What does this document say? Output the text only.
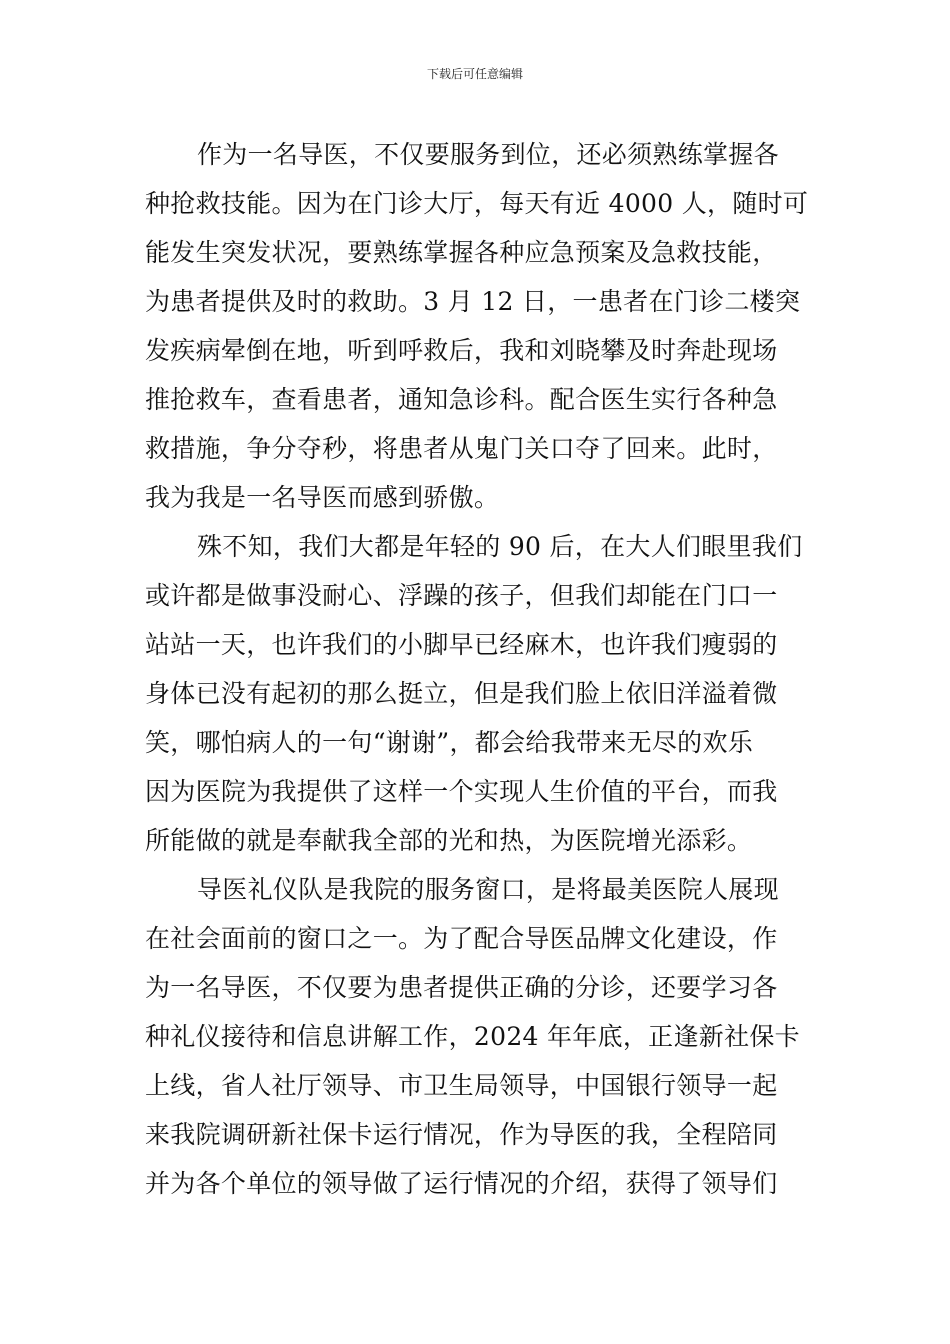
下载后可任意编辑
作为一名导医，不仅要服务到位，还必须熟练掌握各
种抢救技能。因为在门诊大厅，每天有近 4000 人，随时可
能发生突发状况，要熟练掌握各种应急预案及急救技能，
为患者提供及时的救助。3 月 12 日，一患者在门诊二楼突
发疾病晕倒在地，听到呼救后，我和刘晓攀及时奔赴现场
推抢救车，查看患者，通知急诊科。配合医生实行各种急
救措施，争分夺秒，将患者从鬼门关口夺了回来。此时，
我为我是一名导医而感到骄傲。
殊不知，我们大都是年轻的 90 后，在大人们眼里我们
或许都是做事没耐心、浮躁的孩子，但我们却能在门口一
站站一天，也许我们的小脚早已经麻木，也许我们瘦弱的
身体已没有起初的那么挺立，但是我们脸上依旧洋溢着微
笑，哪怕病人的一句“谢谢”，都会给我带来无尽的欢乐
因为医院为我提供了这样一个实现人生价值的平台，而我
所能做的就是奉献我全部的光和热，为医院增光添彩。
导医礼仪队是我院的服务窗口，是将最美医院人展现
在社会面前的窗口之一。为了配合导医品牌文化建设，作
为一名导医，不仅要为患者提供正确的分诊，还要学习各
种礼仪接待和信息讲解工作，2024 年年底，正逢新社保卡
上线，省人社厅领导、市卫生局领导，中国银行领导一起
来我院调研新社保卡运行情况，作为导医的我，全程陪同
并为各个单位的领导做了运行情况的介绍，获得了领导们
